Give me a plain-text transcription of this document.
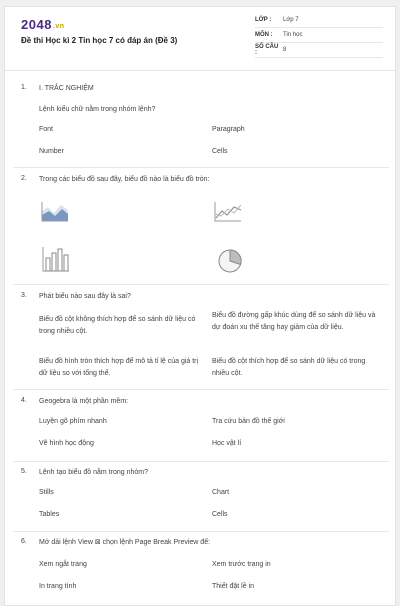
2048.vn
Đề thi Học kì 2 Tin học 7 có đáp án (Đề 3)
LỚP :	Lớp 7
MÔN :	Tin học
SỐ CÂU :	8
1. I. TRẮC NGHIỆM
Lệnh kiểu chữ nằm trong nhóm lệnh?
Font	Paragraph
Number	Cells
2. Trong các biểu đồ sau đây, biểu đồ nào là biểu đồ tròn:
3. Phát biểu nào sau đây là sai?
Biểu đồ cột không thích hợp để so sánh dữ liệu có trong nhiều cột.
Biểu đồ đường gấp khúc dùng để so sánh dữ liệu và dự đoán xu thế tăng hay giảm của dữ liệu.
Biểu đồ hình tròn thích hợp để mô tả tỉ lệ của giá trị dữ liệu so với tổng thể.
Biểu đồ cột thích hợp để so sánh dữ liệu có trong nhiều cột.
4. Geogebra là một phần mềm:
Luyện gõ phím nhanh	Tra cứu bản đồ thế giới
Vẽ hình học động	Học vật lí
5. Lệnh tạo biểu đồ nằm trong nhóm?
Stills	Chart
Tables	Cells
6. Mở dải lệnh View ⊠ chọn lệnh Page Break Preview để:
Xem ngắt trang	Xem trước trang in
In trang tính	Thiết đặt lề in
